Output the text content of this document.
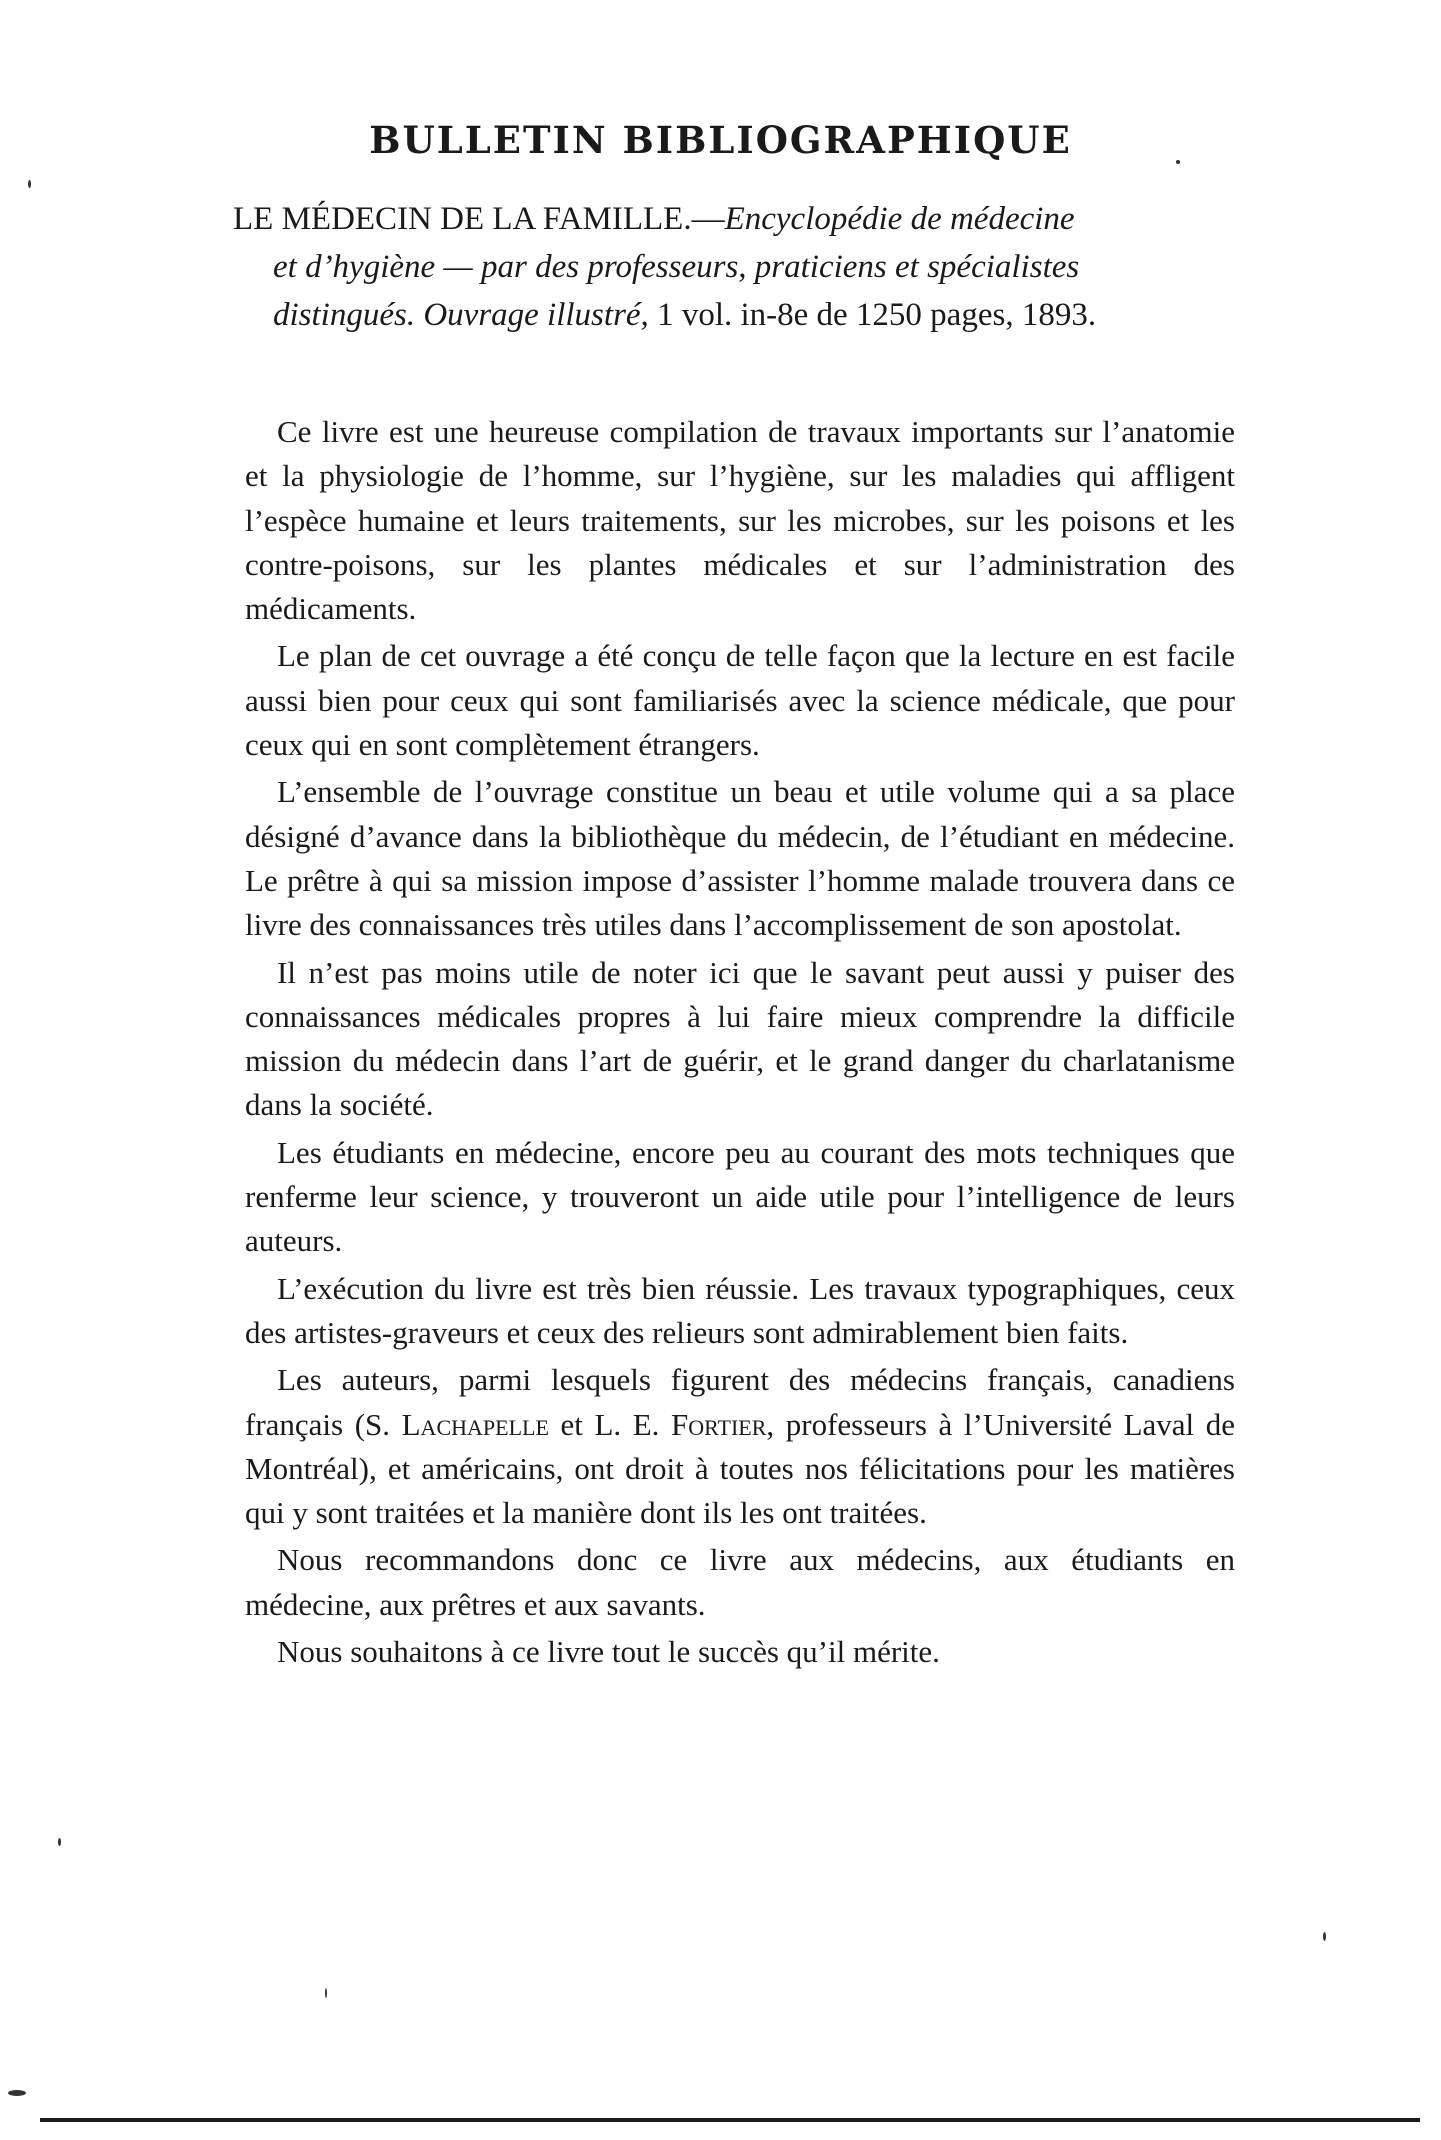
BULLETIN BIBLIOGRAPHIQUE
LE MÉDECIN DE LA FAMILLE.—Encyclopédie de médecine
et d’hygiène — par des professeurs, praticiens et spécialistes
distingués. Ouvrage illustré, 1 vol. in-8e de 1250 pages, 1893.

Ce livre est une heureuse compilation de travaux importants sur l’anatomie et la physiologie de l’homme, sur l’hygiène, sur les maladies qui affligent l’espèce humaine et leurs traitements, sur les microbes, sur les poisons et les contre-poisons, sur les plantes médicales et sur l’administration des médicaments.

Le plan de cet ouvrage a été conçu de telle façon que la lecture en est facile aussi bien pour ceux qui sont familiarisés avec la science médicale, que pour ceux qui en sont complètement étrangers.

L’ensemble de l’ouvrage constitue un beau et utile volume qui a sa place désigné d’avance dans la bibliothèque du médecin, de l’étudiant en médecine. Le prêtre à qui sa mission impose d’assister l’homme malade trouvera dans ce livre des connaissances très utiles dans l’accomplissement de son apostolat.

Il n’est pas moins utile de noter ici que le savant peut aussi y puiser des connaissances médicales propres à lui faire mieux comprendre la difficile mission du médecin dans l’art de guérir, et le grand danger du charlatanisme dans la société.

Les étudiants en médecine, encore peu au courant des mots techniques que renferme leur science, y trouveront un aide utile pour l’intelligence de leurs auteurs.

L’exécution du livre est très bien réussie. Les travaux typographiques, ceux des artistes-graveurs et ceux des relieurs sont admirablement bien faits.

Les auteurs, parmi lesquels figurent des médecins français, canadiens français (S. Lachapelle et L. E. Fortier, professeurs à l’Université Laval de Montréal), et américains, ont droit à toutes nos félicitations pour les matières qui y sont traitées et la manière dont ils les ont traitées.

Nous recommandons donc ce livre aux médecins, aux étudiants en médecine, aux prêtres et aux savants.

Nous souhaitons à ce livre tout le succès qu’il mérite.
